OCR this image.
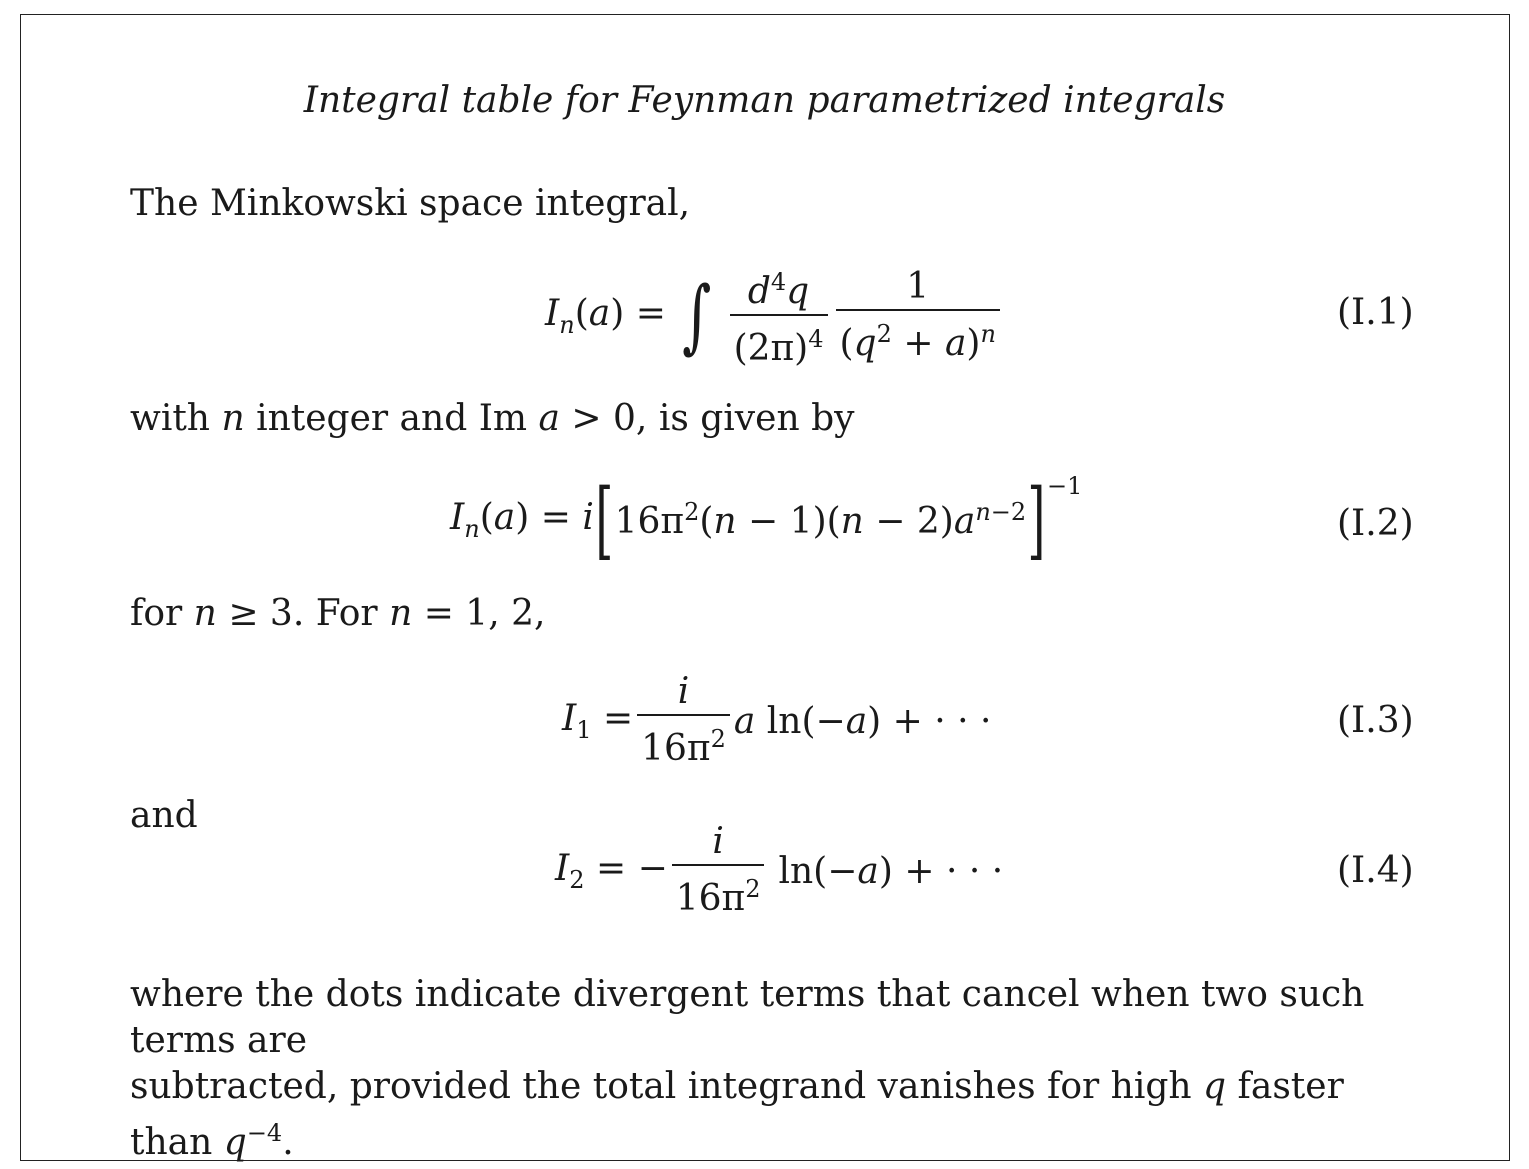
Integral table for Feynman parametrized integrals
The Minkowski space integral,
$I_n(a)$ = ∫ $\frac{d^4q}{(2\pi)^4} \frac{1}{(q^2 + a)^n}$	(I.1)
with n integer and Im a > 0, is given by
$I_n(a) = i$ [ $16\pi^2(n - 1)(n - 2)a^{n-2}$ ] −1
(I.2)
for n ≥ 3. For n = 1, 2,
$I_1 = \frac{i}{16\pi^2}$ a ln(−a) + · · ·	(I.3)
and
$I_2$ = − $\frac{i}{16\pi^2} \ln(-a)$ + · · ·	(I.4)
where the dots indicate divergent terms that cancel when two such terms are
subtracted, provided the total integrand vanishes for high q faster than $q^{-4}$.
